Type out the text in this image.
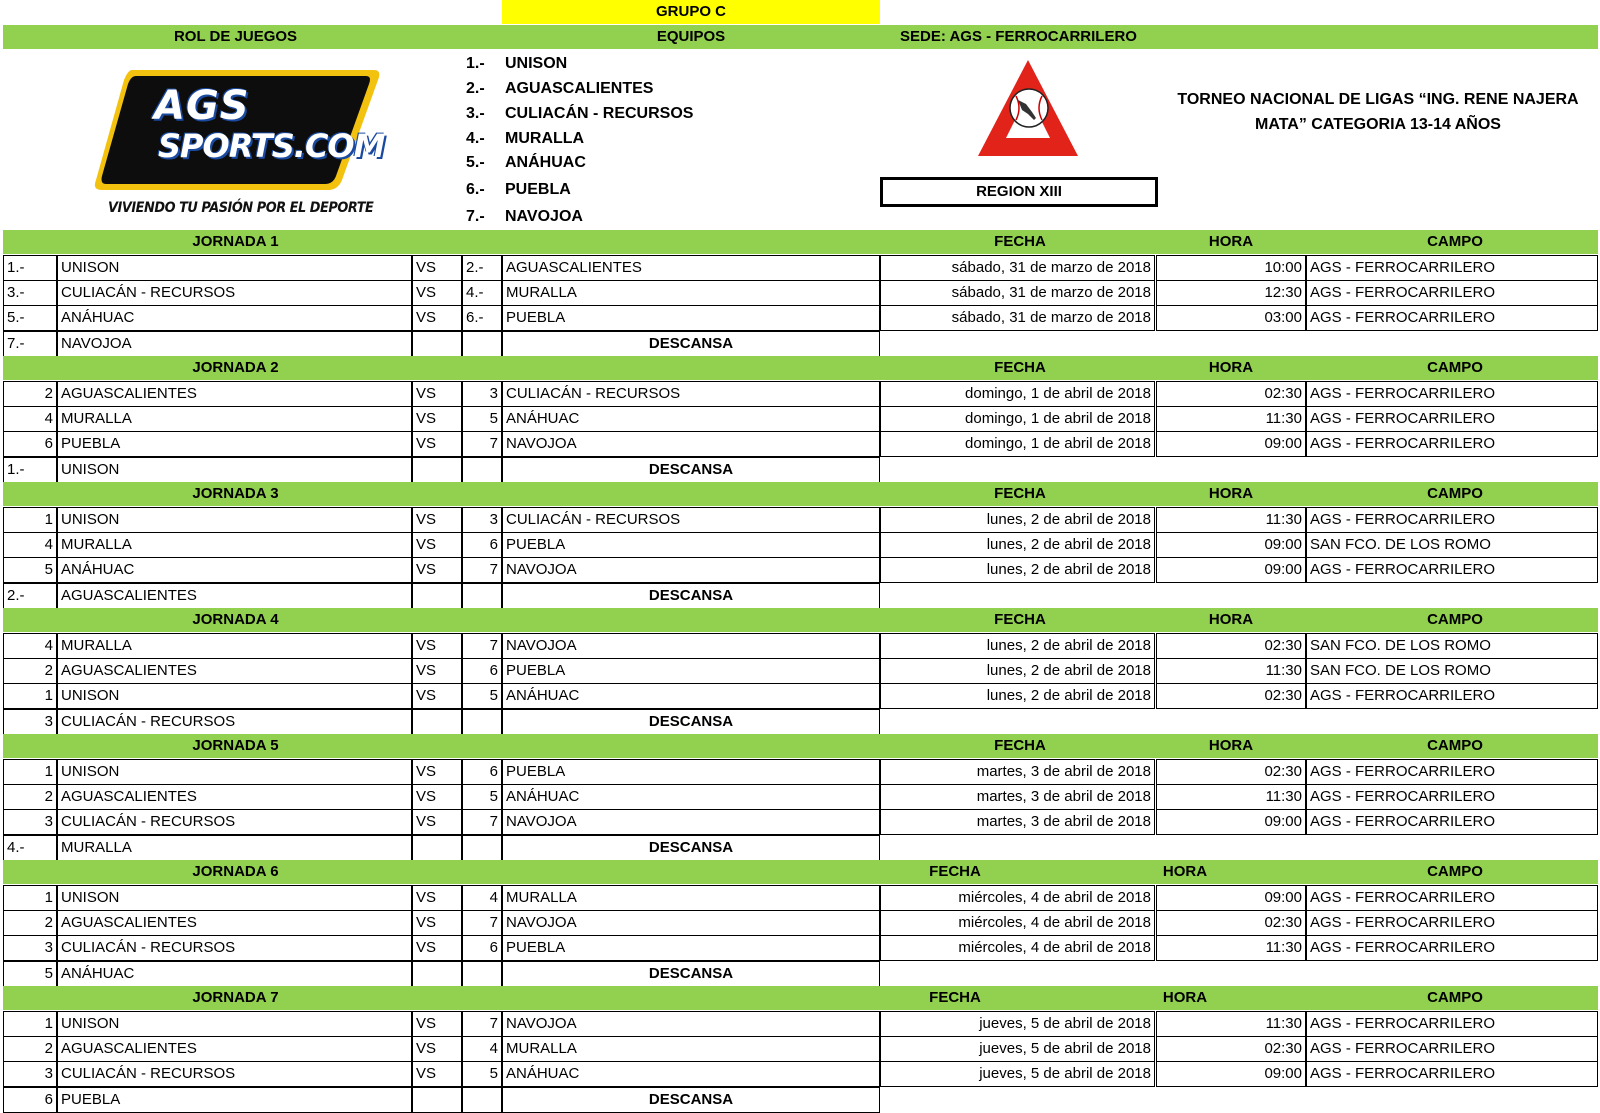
GRUPO C
ROL DE JUEGOS	EQUIPOS	SEDE: AGS - FERROCARRILERO
AGS
SPORTS.COM
VIVIENDO TU PASIÓN POR EL DEPORTE
1.-	UNISON
2.-	AGUASCALIENTES
3.-	CULIACÁN - RECURSOS
4.-	MURALLA
5.-	ANÁHUAC
6.-	PUEBLA
7.-	NAVOJOA
REGION XIII
TORNEO NACIONAL DE LIGAS “ING. RENE NAJERA
MATA” CATEGORIA 13-14 AÑOS
JORNADA 1	FECHA	HORA	CAMPO
1.-	UNISON	VS	2.-	AGUASCALIENTES	sábado, 31 de marzo de 2018	10:00 AGS - FERROCARRILERO
3.-	CULIACÁN - RECURSOS	VS	4.-	MURALLA	sábado, 31 de marzo de 2018	12:30 AGS - FERROCARRILERO
5.-	ANÁHUAC	VS	6.-	PUEBLA	sábado, 31 de marzo de 2018	03:00 AGS - FERROCARRILERO
7.-	NAVOJOA	DESCANSA
JORNADA 2	FECHA	HORA	CAMPO
2 AGUASCALIENTES	VS	3 CULIACÁN - RECURSOS	domingo, 1 de abril de 2018	02:30 AGS - FERROCARRILERO
4 MURALLA	VS	5 ANÁHUAC	domingo, 1 de abril de 2018	11:30 AGS - FERROCARRILERO
6 PUEBLA	VS	7 NAVOJOA	domingo, 1 de abril de 2018	09:00 AGS - FERROCARRILERO
1.-	UNISON	DESCANSA
JORNADA 3	FECHA	HORA	CAMPO
1 UNISON	VS	3 CULIACÁN - RECURSOS	lunes, 2 de abril de 2018	11:30 AGS - FERROCARRILERO
4 MURALLA	VS	6 PUEBLA	lunes, 2 de abril de 2018	09:00 SAN FCO. DE LOS ROMO
5 ANÁHUAC	VS	7 NAVOJOA	lunes, 2 de abril de 2018	09:00 AGS - FERROCARRILERO
2.-	AGUASCALIENTES	DESCANSA
JORNADA 4	FECHA	HORA	CAMPO
4 MURALLA	VS	7 NAVOJOA	lunes, 2 de abril de 2018	02:30 SAN FCO. DE LOS ROMO
2 AGUASCALIENTES	VS	6 PUEBLA	lunes, 2 de abril de 2018	11:30 SAN FCO. DE LOS ROMO
1 UNISON	VS	5 ANÁHUAC	lunes, 2 de abril de 2018	02:30 AGS - FERROCARRILERO
3 CULIACÁN - RECURSOS	DESCANSA
JORNADA 5	FECHA	HORA	CAMPO
1 UNISON	VS	6 PUEBLA	martes, 3 de abril de 2018	02:30 AGS - FERROCARRILERO
2 AGUASCALIENTES	VS	5 ANÁHUAC	martes, 3 de abril de 2018	11:30 AGS - FERROCARRILERO
3 CULIACÁN - RECURSOS	VS	7 NAVOJOA	martes, 3 de abril de 2018	09:00 AGS - FERROCARRILERO
4.-	MURALLA	DESCANSA
JORNADA 6	FECHA	HORA	CAMPO
1 UNISON	VS	4 MURALLA	miércoles, 4 de abril de 2018	09:00 AGS - FERROCARRILERO
2 AGUASCALIENTES	VS	7 NAVOJOA	miércoles, 4 de abril de 2018	02:30 AGS - FERROCARRILERO
3 CULIACÁN - RECURSOS	VS	6 PUEBLA	miércoles, 4 de abril de 2018	11:30 AGS - FERROCARRILERO
5 ANÁHUAC	DESCANSA
JORNADA 7	FECHA	HORA	CAMPO
1 UNISON	VS	7 NAVOJOA	jueves, 5 de abril de 2018	11:30 AGS - FERROCARRILERO
2 AGUASCALIENTES	VS	4 MURALLA	jueves, 5 de abril de 2018	02:30 AGS - FERROCARRILERO
3 CULIACÁN - RECURSOS	VS	5 ANÁHUAC	jueves, 5 de abril de 2018	09:00 AGS - FERROCARRILERO
6 PUEBLA	DESCANSA
